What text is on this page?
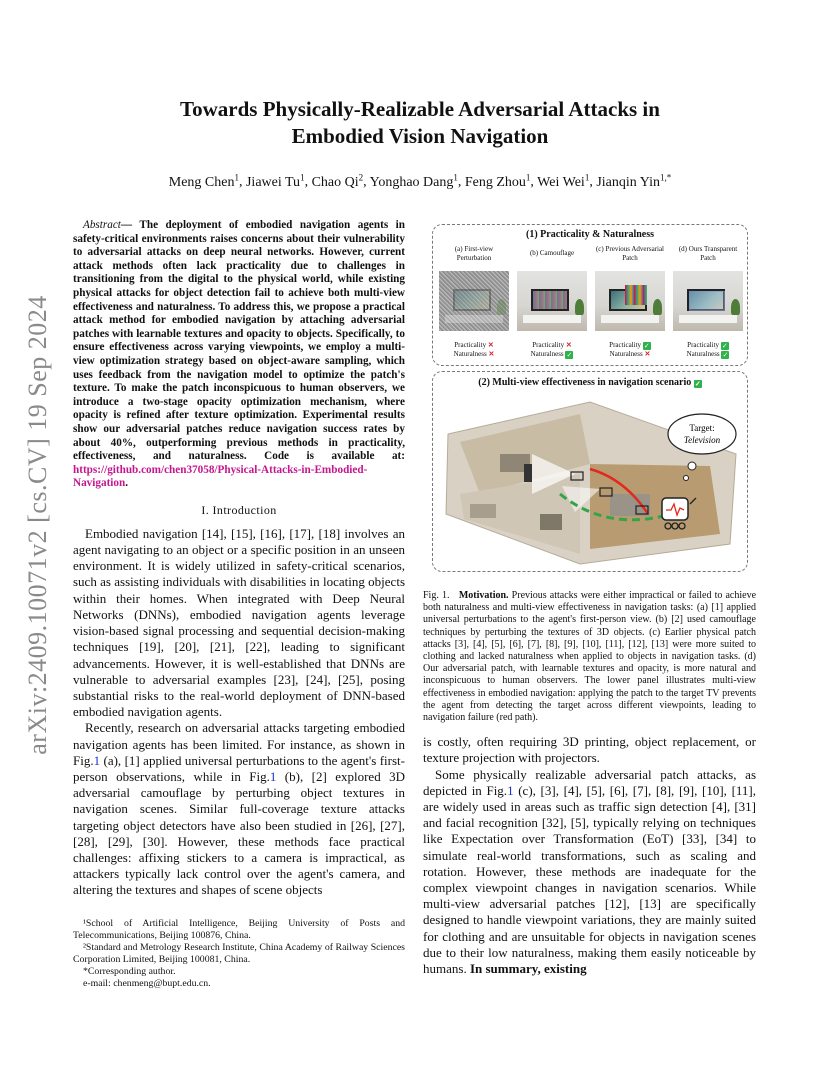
arXiv:2409.10071v2 [cs.CV] 19 Sep 2024
Towards Physically-Realizable Adversarial Attacks in
Embodied Vision Navigation
Meng Chen$^1$, Jiawei Tu$^1$, Chao Qi$^2$, Yonghao Dang$^1$, Feng Zhou$^1$, Wei Wei$^1$, Jianqin Yin$^{1,*}$

Abstract— The deployment of embodied navigation agents in safety-critical environments raises concerns about their vulnerability to adversarial attacks on deep neural networks. However, current attack methods often lack practicality due to challenges in transitioning from the digital to the physical world, while existing physical attacks for object detection fail to achieve both multi-view effectiveness and naturalness. To address this, we propose a practical attack method for embodied navigation by attaching adversarial patches with learnable textures and opacity to objects. Specifically, to ensure effectiveness across varying viewpoints, we employ a multi-view optimization strategy based on object-aware sampling, which uses feedback from the navigation model to optimize the patch's texture. To make the patch inconspicuous to human observers, we introduce a two-stage opacity optimization mechanism, where opacity is refined after texture optimization. Experimental results show our adversarial patches reduce navigation success rates by about 40%, outperforming previous methods in practicality, effectiveness, and naturalness. Code is available at: https://github.com/chen37058/Physical-Attacks-in-Embodied-Navigation.

I. Introduction

Embodied navigation [14], [15], [16], [17], [18] involves an agent navigating to an object or a specific position in an unseen environment. It is widely utilized in safety-critical scenarios, such as assisting individuals with disabilities in locating objects within their homes. When integrated with Deep Neural Networks (DNNs), embodied navigation agents leverage vision-based signal processing and sequential decision-making techniques [19], [20], [21], [22], leading to significant advancements. However, it is well-established that DNNs are vulnerable to adversarial examples [23], [24], [25], posing substantial risks to the real-world deployment of DNN-based embodied navigation agents.

Recently, research on adversarial attacks targeting embodied navigation agents has been limited. For instance, as shown in Fig.1 (a), [1] applied universal perturbations to the agent's first-person observations, while in Fig.1 (b), [2] explored 3D adversarial camouflage by perturbing object textures in navigation scenes. Similar full-coverage texture attacks targeting object detectors have also been studied in [26], [27], [28], [29], [30]. However, these methods face practical challenges: affixing stickers to a camera is impractical, as attackers typically lack control over the agent's camera, and altering the textures and shapes of scene objects

¹School of Artificial Intelligence, Beijing University of Posts and Telecommunications, Beijing 100876, China.

²Standard and Metrology Research Institute, China Academy of Railway Sciences Corporation Limited, Beijing 100081, China.

*Corresponding author.

e-mail: chenmeng@bupt.edu.cn.

(1) Practicality & Naturalness
(a) First-view Perturbation
(b) Camouflage	(c) Previous Adversarial Patch
(d) Ours Transparent Patch
Practicality ✕
Naturalness ✕
Practicality ✕
Naturalness ✓
Practicality ✓
Naturalness ✕
Practicality ✓
Naturalness ✓
(2) Multi-view effectiveness in navigation scenario ✓
Target:
Television

Fig. 1. Motivation. Previous attacks were either impractical or failed to achieve both naturalness and multi-view effectiveness in navigation tasks: (a) [1] applied universal perturbations to the agent's first-person view. (b) [2] used camouflage techniques by perturbing the textures of 3D objects. (c) Earlier physical patch attacks [3], [4], [5], [6], [7], [8], [9], [10], [11], [12], [13] were more suited to clothing and lacked naturalness when applied to objects in navigation tasks. (d) Our adversarial patch, with learnable textures and opacity, is more natural and inconspicuous to human observers. The lower panel illustrates multi-view effectiveness in embodied navigation: applying the patch to the target TV prevents the agent from detecting the target across different viewpoints, leading to navigation failure (red path).

is costly, often requiring 3D printing, object replacement, or texture projection with projectors.

Some physically realizable adversarial patch attacks, as depicted in Fig.1 (c), [3], [4], [5], [6], [7], [8], [9], [10], [11], are widely used in areas such as traffic sign detection [4], [31] and facial recognition [32], [5], typically relying on techniques like Expectation over Transformation (EoT) [33], [34] to simulate real-world transformations, such as scaling and rotation. However, these methods are inadequate for the complex viewpoint changes in navigation scenarios. While multi-view adversarial patches [12], [13] are specifically designed to handle viewpoint variations, they are mainly suited for clothing and are unsuitable for objects in navigation scenes due to their low naturalness, making them easily noticeable by humans. In summary, existing
